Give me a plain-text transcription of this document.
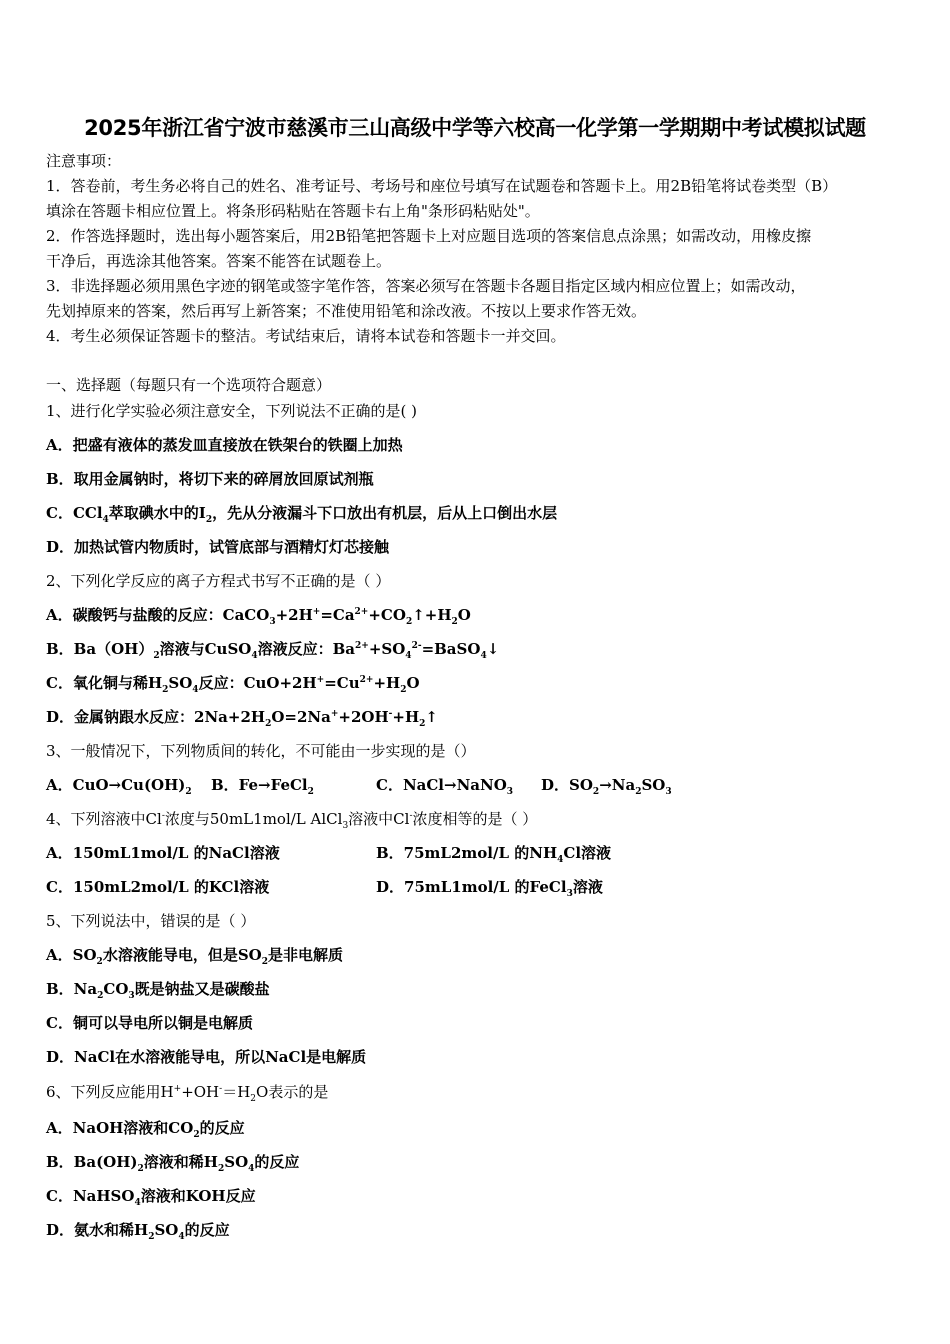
2025年浙江省宁波市慈溪市三山高级中学等六校高一化学第一学期期中考试模拟试题
注意事项：
1．答卷前，考生务必将自己的姓名、准考证号、考场号和座位号填写在试题卷和答题卡上。用2B铅笔将试卷类型（B）
填涂在答题卡相应位置上。将条形码粘贴在答题卡右上角"条形码粘贴处"。
2．作答选择题时，选出每小题答案后，用2B铅笔把答题卡上对应题目选项的答案信息点涂黑；如需改动，用橡皮擦
干净后，再选涂其他答案。答案不能答在试题卷上。
3．非选择题必须用黑色字迹的钢笔或签字笔作答，答案必须写在答题卡各题目指定区域内相应位置上；如需改动，
先划掉原来的答案，然后再写上新答案；不准使用铅笔和涂改液。不按以上要求作答无效。
4．考生必须保证答题卡的整洁。考试结束后，请将本试卷和答题卡一并交回。
一、选择题（每题只有一个选项符合题意）
1、进行化学实验必须注意安全，下列说法不正确的是( )
A．把盛有液体的蒸发皿直接放在铁架台的铁圈上加热
B．取用金属钠时，将切下来的碎屑放回原试剂瓶
C．CCl$_4$萃取碘水中的$I_2$，先从分液漏斗下口放出有机层，后从上口倒出水层
D．加热试管内物质时，试管底部与酒精灯灯芯接触
2、下列化学反应的离子方程式书写不正确的是（ ）
A．碳酸钙与盐酸的反应：$CaCO_3+2H^+=Ca^{2+}+CO_2↑+H_2O$
B．$Ba(OH)_2$溶液与CuSO$_4$溶液反应：$Ba^{2+}+SO_4^{2-}=BaSO_4↓$
C．氧化铜与稀$H_2SO_4$反应：$CuO+2H^+=Cu^{2+}+H_2O$
D．金属钠跟水反应：$2Na+2H_2O=2Na^++2OH^-+H_2↑$
3、一般情况下，下列物质间的转化，不可能由一步实现的是（）
A．$CuO\to Cu(OH)_2$ B．Fe→FeCl$_2$	C．NaCl→NaNO$_3$ D．$SO_2\to Na_2SO_3$
4、下列溶液中Cl-浓度与50mL1mol/L AlCl$_3$溶液中Cl-浓度相等的是（ ）
A．150mL1mol/L 的NaCl溶液	B．75mL2mol/L 的$NH_4Cl$溶液
C．150mL2mol/L 的KCl溶液	D．75mL1mol/L 的FeCl$_3$溶液
5、下列说法中，错误的是（ ）
A．$SO_2$水溶液能导电，但是$SO_2$是非电解质
B．$Na_2CO_3$既是钠盐又是碳酸盐
C．铜可以导电所以铜是电解质
D．NaCl在水溶液能导电，所以NaCl是电解质
6、下列反应能用$H^++OH^-=H_2O$表示的是
A．NaOH溶液和$CO_2$的反应
B．$Ba(OH)_2$溶液和稀$H_2SO_4$的反应
C．NaHSO$_4$溶液和KOH反应
D．氨水和稀$H_2SO_4$的反应
